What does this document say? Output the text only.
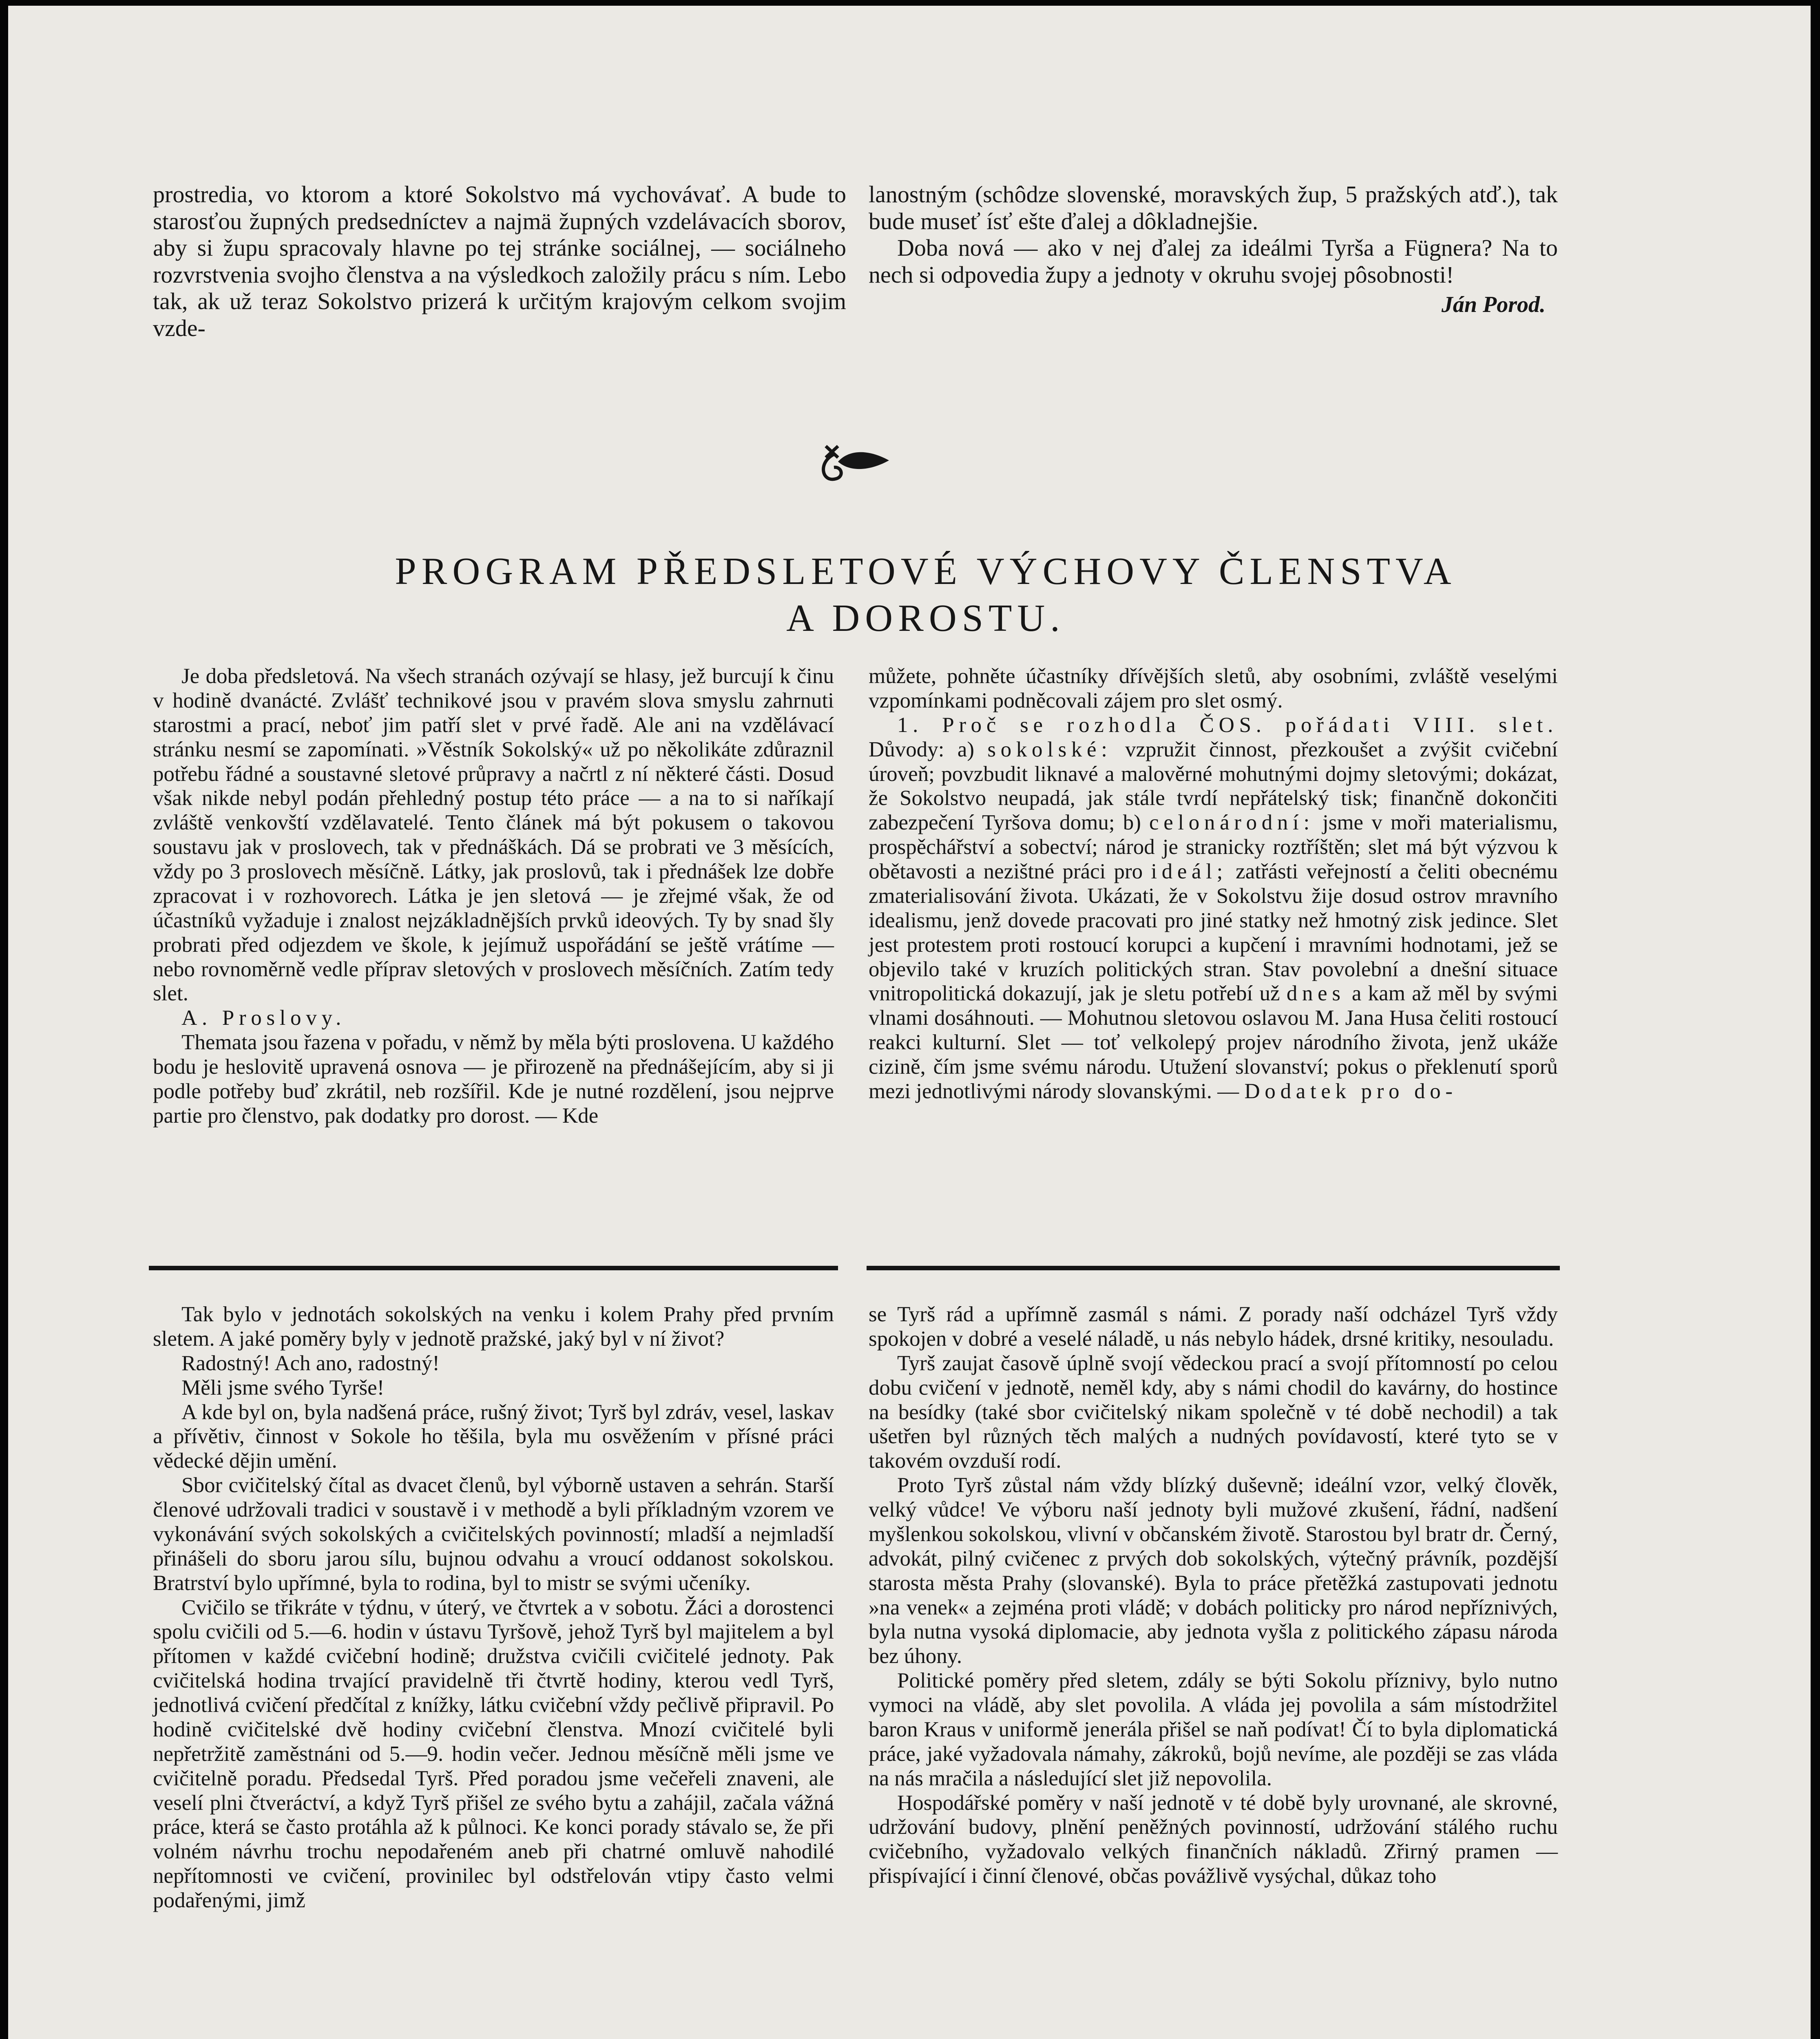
prostredia, vo ktorom a ktoré Sokolstvo má vychovávať. A bude to starosťou župných predsedníctev a najmä župných vzdelávacích sborov, aby si župu spracovaly hlavne po tej stránke sociálnej, — sociálneho rozvrstvenia svojho členstva a na výsledkoch založily prácu s ním. Lebo tak, ak už teraz Sokolstvo prizerá k určitým krajovým celkom svojim vzde-

lanostným (schôdze slovenské, moravských žup, 5 pražských atď.), tak bude museť ísť ešte ďalej a dôkladnejšie.

Doba nová — ako v nej ďalej za ideálmi Tyrša a Fügnera? Na to nech si odpovedia župy a jednoty v okruhu svojej pôsobnosti!

Ján Porod.
PROGRAM PŘEDSLETOVÉ VÝCHOVY ČLENSTVA
A DOROSTU.

Je doba předsletová. Na všech stranách ozývají se hlasy, jež burcují k činu v hodině dvanácté. Zvlášť technikové jsou v pravém slova smyslu zahrnuti starostmi a prací, neboť jim patří slet v prvé řadě. Ale ani na vzdělávací stránku nesmí se zapomínati. »Věstník Sokolský« už po několikáte zdůraznil potřebu řádné a soustavné sletové průpravy a načrtl z ní některé části. Dosud však nikde nebyl podán přehledný postup této práce — a na to si naříkají zvláště venkovští vzdělavatelé. Tento článek má být pokusem o takovou soustavu jak v proslovech, tak v přednáškách. Dá se probrati ve 3 měsících, vždy po 3 proslovech měsíčně. Látky, jak proslovů, tak i přednášek lze dobře zpracovat i v rozhovorech. Látka je jen sletová — je zřejmé však, že od účastníků vyžaduje i znalost nejzákladnějších prvků ideových. Ty by snad šly probrati před odjezdem ve škole, k jejímuž uspořádání se ještě vrátíme — nebo rovnoměrně vedle příprav sletových v proslovech měsíčních. Zatím tedy slet.

A. Proslovy.

Themata jsou řazena v pořadu, v němž by měla býti proslovena. U každého bodu je heslovitě upravená osnova — je přirozeně na přednášejícím, aby si ji podle potřeby buď zkrátil, neb rozšířil. Kde je nutné rozdělení, jsou nejprve partie pro členstvo, pak dodatky pro dorost. — Kde

můžete, pohněte účastníky dřívějších sletů, aby osobními, zvláště veselými vzpomínkami podněcovali zájem pro slet osmý.

1. Proč se rozhodla ČOS. pořádati VIII. slet. Důvody: a) sokolské: vzpružit činnost, přezkoušet a zvýšit cvičební úroveň; povzbudit liknavé a malověrné mohutnými dojmy sletovými; dokázat, že Sokolstvo neupadá, jak stále tvrdí nepřátelský tisk; finančně dokončiti zabezpečení Tyršova domu; b) celonárodní: jsme v moři materialismu, prospěchářství a sobectví; národ je stranicky roztříštěn; slet má být výzvou k obětavosti a nezištné práci pro ideál; zatřásti veřejností a čeliti obecnému zmaterialisování života. Ukázati, že v Sokolstvu žije dosud ostrov mravního idealismu, jenž dovede pracovati pro jiné statky než hmotný zisk jedince. Slet jest protestem proti rostoucí korupci a kupčení i mravními hodnotami, jež se objevilo také v kruzích politických stran. Stav povolební a dnešní situace vnitropolitická dokazují, jak je sletu potřebí už dnes a kam až měl by svými vlnami dosáhnouti. — Mohutnou sletovou oslavou M. Jana Husa čeliti rostoucí reakci kulturní. Slet — toť velkolepý projev národního života, jenž ukáže cizině, čím jsme svému národu. Utužení slovanství; pokus o překlenutí sporů mezi jednotlivými národy slovanskými. — Dodatek pro do-

Tak bylo v jednotách sokolských na venku i kolem Prahy před prvním sletem. A jaké poměry byly v jednotě pražské, jaký byl v ní život?

Radostný! Ach ano, radostný!

Měli jsme svého Tyrše!

A kde byl on, byla nadšená práce, rušný život; Tyrš byl zdráv, vesel, laskav a přívětiv, činnost v Sokole ho těšila, byla mu osvěžením v přísné práci vědecké dějin umění.

Sbor cvičitelský čítal as dvacet členů, byl výborně ustaven a sehrán. Starší členové udržovali tradici v soustavě i v methodě a byli příkladným vzorem ve vykonávání svých sokolských a cvičitelských povinností; mladší a nejmladší přinášeli do sboru jarou sílu, bujnou odvahu a vroucí oddanost sokolskou. Bratrství bylo upřímné, byla to rodina, byl to mistr se svými učeníky.

Cvičilo se třikráte v týdnu, v úterý, ve čtvrtek a v sobotu. Žáci a dorostenci spolu cvičili od 5.—6. hodin v ústavu Tyršově, jehož Tyrš byl majitelem a byl přítomen v každé cvičební hodině; družstva cvičili cvičitelé jednoty. Pak cvičitelská hodina trvající pravidelně tři čtvrtě hodiny, kterou vedl Tyrš, jednotlivá cvičení předčítal z knížky, látku cvičební vždy pečlivě připravil. Po hodině cvičitelské dvě hodiny cvičební členstva. Mnozí cvičitelé byli nepřetržitě zaměstnáni od 5.—9. hodin večer. Jednou měsíčně měli jsme ve cvičitelně poradu. Předsedal Tyrš. Před poradou jsme večeřeli znaveni, ale veselí plni čtveráctví, a když Tyrš přišel ze svého bytu a zahájil, začala vážná práce, která se často protáhla až k půlnoci. Ke konci porady stávalo se, že při volném návrhu trochu nepodařeném aneb při chatrné omluvě nahodilé nepřítomnosti ve cvičení, provinilec byl odstřelován vtipy často velmi podařenými, jimž

se Tyrš rád a upřímně zasmál s námi. Z porady naší odcházel Tyrš vždy spokojen v dobré a veselé náladě, u nás nebylo hádek, drsné kritiky, nesouladu.

Tyrš zaujat časově úplně svojí vědeckou prací a svojí přítomností po celou dobu cvičení v jednotě, neměl kdy, aby s námi chodil do kavárny, do hostince na besídky (také sbor cvičitelský nikam společně v té době nechodil) a tak ušetřen byl různých těch malých a nudných povídavostí, které tyto se v takovém ovzduší rodí.

Proto Tyrš zůstal nám vždy blízký duševně; ideální vzor, velký člověk, velký vůdce! Ve výboru naší jednoty byli mužové zkušení, řádní, nadšení myšlenkou sokolskou, vlivní v občanském životě. Starostou byl bratr dr. Černý, advokát, pilný cvičenec z prvých dob sokolských, výtečný právník, pozdější starosta města Prahy (slovanské). Byla to práce přetěžká zastupovati jednotu »na venek« a zejména proti vládě; v dobách politicky pro národ nepříznivých, byla nutna vysoká diplomacie, aby jednota vyšla z politického zápasu národa bez úhony.

Politické poměry před sletem, zdály se býti Sokolu příznivy, bylo nutno vymoci na vládě, aby slet povolila. A vláda jej povolila a sám místodržitel baron Kraus v uniformě jenerála přišel se naň podívat! Čí to byla diplomatická práce, jaké vyžadovala námahy, zákroků, bojů nevíme, ale později se zas vláda na nás mračila a následující slet již nepovolila.

Hospodářské poměry v naší jednotě v té době byly urovnané, ale skrovné, udržování budovy, plnění peněžných povinností, udržování stálého ruchu cvičebního, vyžadovalo velkých finančních nákladů. Zřirný pramen — přispívající i činní členové, občas povážlivě vysýchal, důkaz toho
